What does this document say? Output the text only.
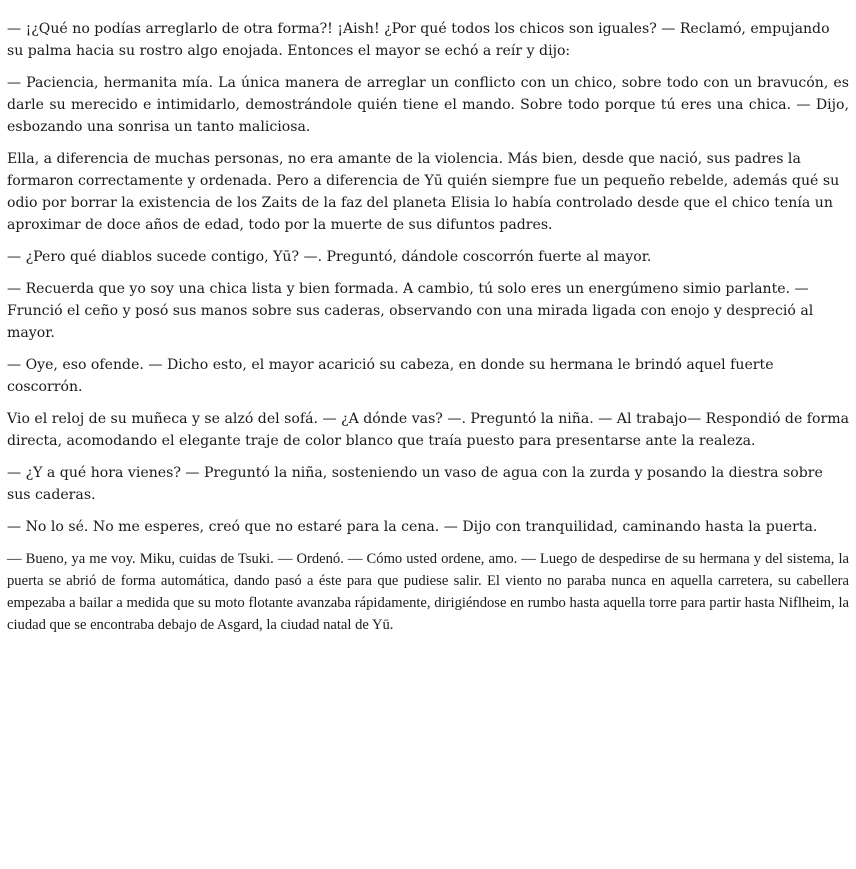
— ¡¿Qué no podías arreglarlo de otra forma?! ¡Aish! ¿Por qué todos los chicos son iguales? — Reclamó, empujando su palma hacia su rostro algo enojada. Entonces el mayor se echó a reír y dijo:

— Paciencia, hermanita mía. La única manera de arreglar un conflicto con un chico, sobre todo con un bravucón, es darle su merecido e intimidarlo, demostrándole quién tiene el mando. Sobre todo porque tú eres una chica. — Dijo, esbozando una sonrisa un tanto maliciosa.

Ella, a diferencia de muchas personas, no era amante de la violencia. Más bien, desde que nació, sus padres la formaron correctamente y ordenada. Pero a diferencia de Yū quién siempre fue un pequeño rebelde, además qué su odio por borrar la existencia de los Zaits de la faz del planeta Elisia lo había controlado desde que el chico tenía un aproximar de doce años de edad, todo por la muerte de sus difuntos padres.

— ¿Pero qué diablos sucede contigo, Yū? —. Preguntó, dándole coscorrón fuerte al mayor.

— Recuerda que yo soy una chica lista y bien formada. A cambio, tú solo eres un energúmeno simio parlante. — Frunció el ceño y posó sus manos sobre sus caderas, observando con una mirada ligada con enojo y despreció al mayor.

— Oye, eso ofende. — Dicho esto, el mayor acarició su cabeza, en donde su hermana le brindó aquel fuerte coscorrón.

Vio el reloj de su muñeca y se alzó del sofá. — ¿A dónde vas? —. Preguntó la niña. — Al trabajo— Respondió de forma directa, acomodando el elegante traje de color blanco que traía puesto para presentarse ante la realeza.

— ¿Y a qué hora vienes? — Preguntó la niña, sosteniendo un vaso de agua con la zurda y posando la diestra sobre sus caderas.

— No lo sé. No me esperes, creó que no estaré para la cena. — Dijo con tranquilidad, caminando hasta la puerta.

— Bueno, ya me voy. Miku, cuidas de Tsuki. — Ordenó. — Cómo usted ordene, amo. — Luego de despedirse de su hermana y del sistema, la puerta se abrió de forma automática, dando pasó a éste para que pudiese salir. El viento no paraba nunca en aquella carretera, su cabellera empezaba a bailar a medida que su moto flotante avanzaba rápidamente, dirigiéndose en rumbo hasta aquella torre para partir hasta Niflheim, la ciudad que se encontraba debajo de Asgard, la ciudad natal de Yū.
